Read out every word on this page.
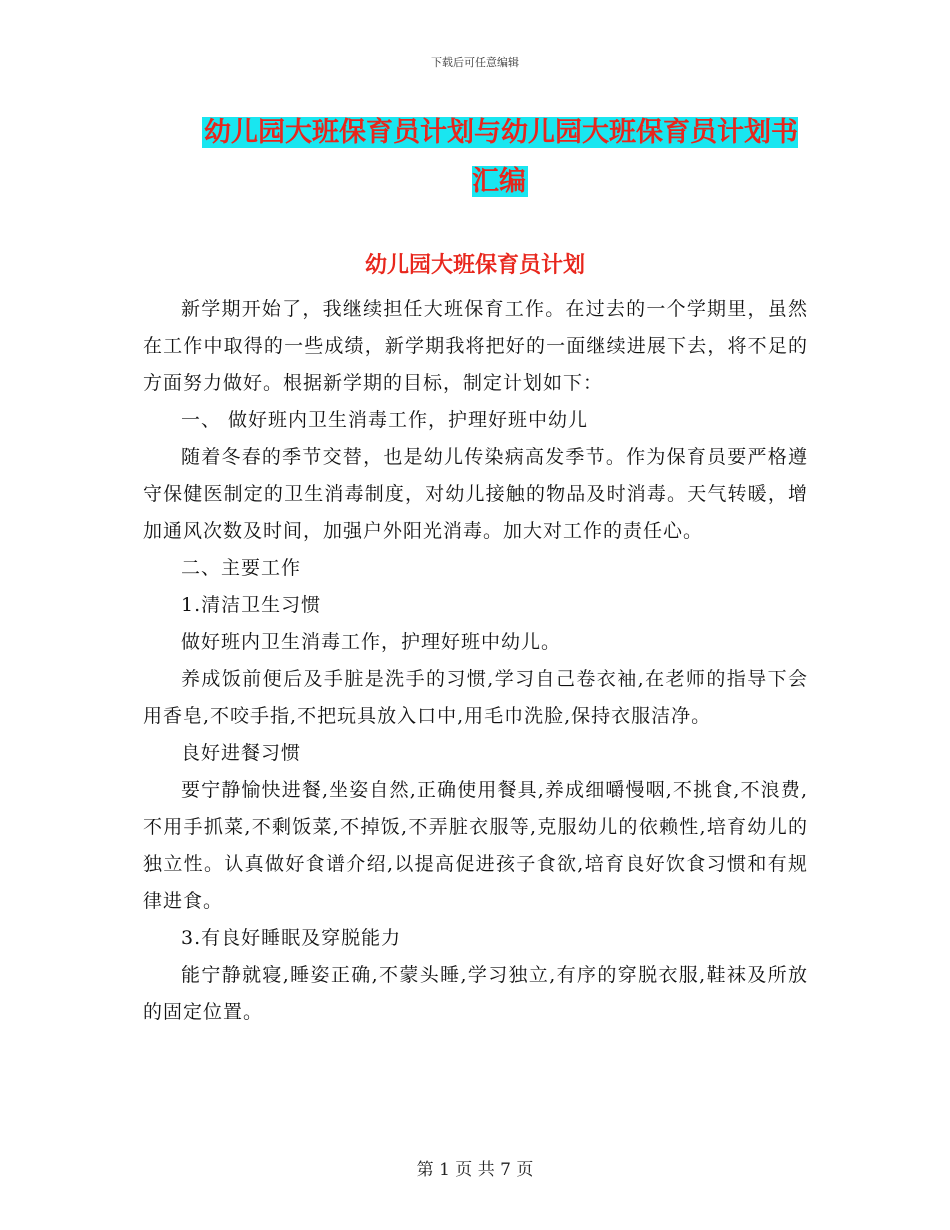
下载后可任意编辑
幼儿园大班保育员计划与幼儿园大班保育员计划书汇编
幼儿园大班保育员计划

新学期开始了，我继续担任大班保育工作。在过去的一个学期里，虽然在工作中取得的一些成绩，新学期我将把好的一面继续进展下去，将不足的方面努力做好。根据新学期的目标，制定计划如下：

一、 做好班内卫生消毒工作，护理好班中幼儿

随着冬春的季节交替，也是幼儿传染病高发季节。作为保育员要严格遵守保健医制定的卫生消毒制度，对幼儿接触的物品及时消毒。天气转暖，增加通风次数及时间，加强户外阳光消毒。加大对工作的责任心。

二、主要工作

1.清洁卫生习惯

做好班内卫生消毒工作，护理好班中幼儿。

养成饭前便后及手脏是洗手的习惯,学习自己卷衣袖,在老师的指导下会用香皂,不咬手指,不把玩具放入口中,用毛巾洗脸,保持衣服洁净。

良好进餐习惯

要宁静愉快进餐,坐姿自然,正确使用餐具,养成细嚼慢咽,不挑食,不浪费,不用手抓菜,不剩饭菜,不掉饭,不弄脏衣服等,克服幼儿的依赖性,培育幼儿的独立性。认真做好食谱介绍,以提高促进孩子食欲,培育良好饮食习惯和有规律进食。

3.有良好睡眠及穿脱能力

能宁静就寝,睡姿正确,不蒙头睡,学习独立,有序的穿脱衣服,鞋袜及所放的固定位置。

第 1 页 共 7 页
